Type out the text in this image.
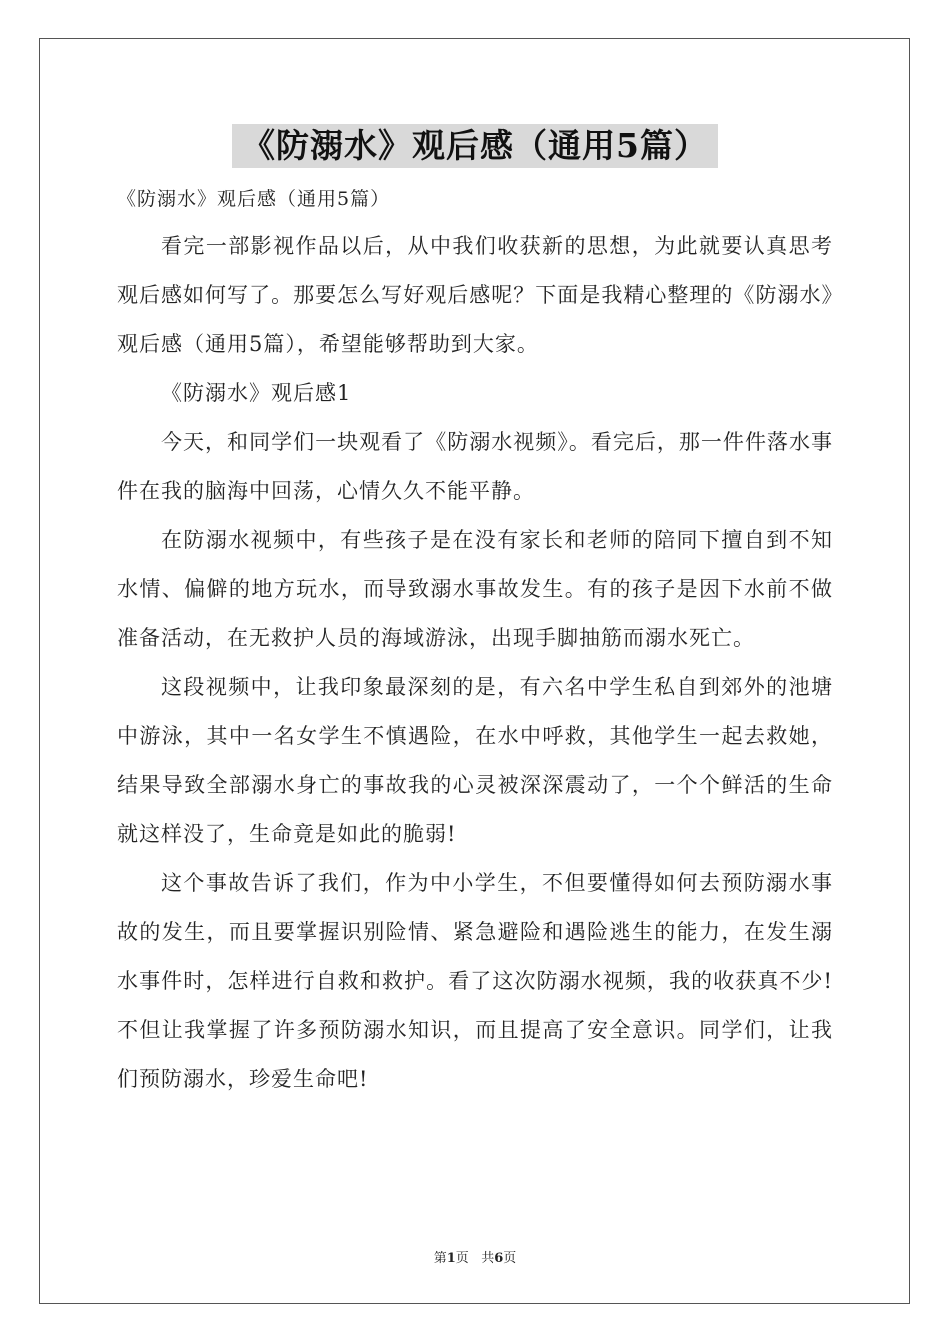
《防溺水》观后感（通用5篇）

《防溺水》观后感（通用5篇）

看完一部影视作品以后，从中我们收获新的思想，为此就要认真思考观后感如何写了。那要怎么写好观后感呢？下面是我精心整理的《防溺水》观后感（通用5篇），希望能够帮助到大家。

《防溺水》观后感1

今天，和同学们一块观看了《防溺水视频》。看完后，那一件件落水事件在我的脑海中回荡，心情久久不能平静。

在防溺水视频中，有些孩子是在没有家长和老师的陪同下擅自到不知水情、偏僻的地方玩水，而导致溺水事故发生。有的孩子是因下水前不做准备活动，在无救护人员的海域游泳，出现手脚抽筋而溺水死亡。

这段视频中，让我印象最深刻的是，有六名中学生私自到郊外的池塘中游泳，其中一名女学生不慎遇险，在水中呼救，其他学生一起去救她，结果导致全部溺水身亡的事故我的心灵被深深震动了，一个个鲜活的生命就这样没了，生命竟是如此的脆弱!

这个事故告诉了我们，作为中小学生，不但要懂得如何去预防溺水事故的发生，而且要掌握识别险情、紧急避险和遇险逃生的能力，在发生溺水事件时，怎样进行自救和救护。看了这次防溺水视频，我的收获真不少!不但让我掌握了许多预防溺水知识，而且提高了安全意识。同学们，让我们预防溺水，珍爱生命吧!

第1页 共6页
